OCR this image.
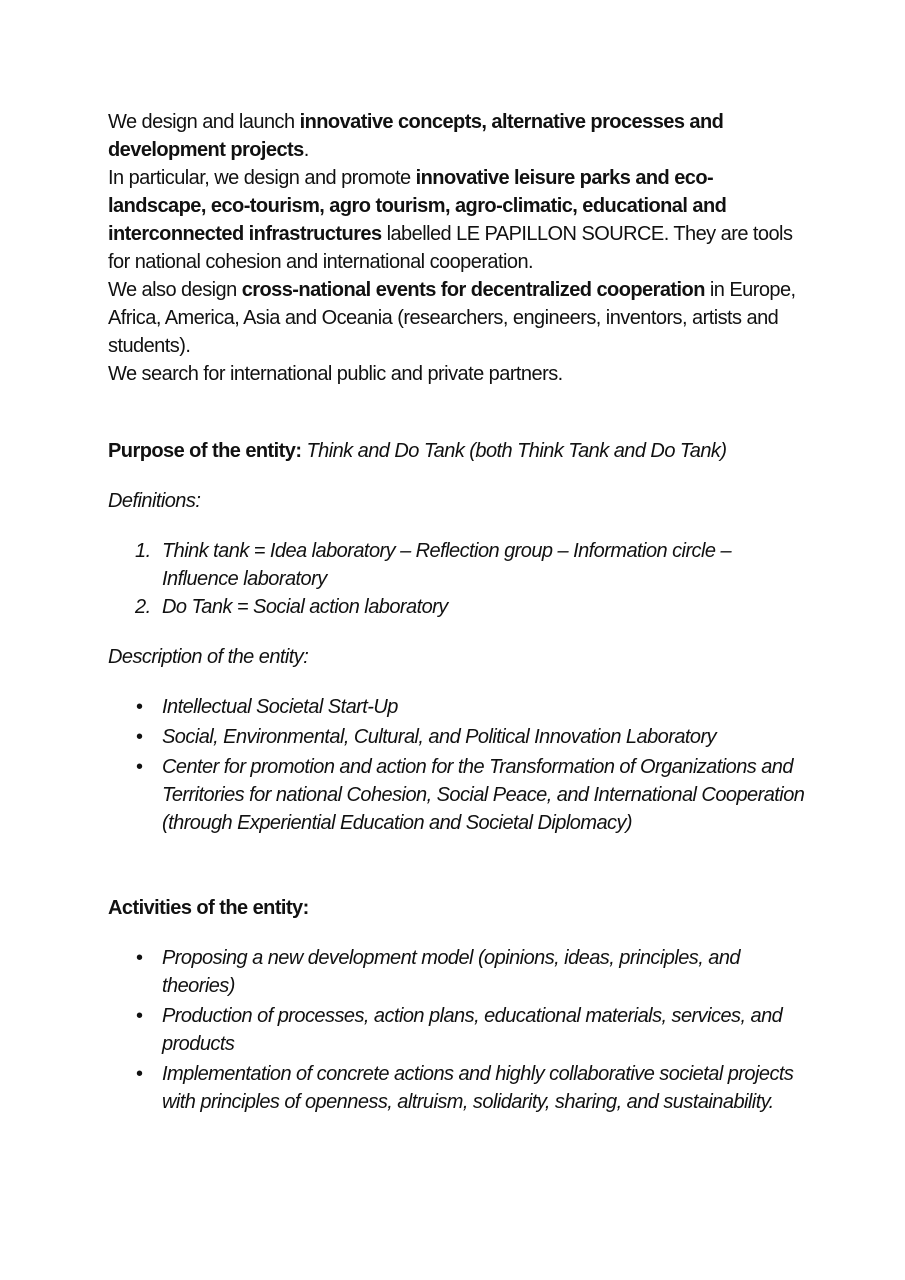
We design and launch innovative concepts, alternative processes and development projects.

In particular, we design and promote innovative leisure parks and eco-landscape, eco-tourism, agro tourism, agro-climatic, educational and interconnected infrastructures labelled LE PAPILLON SOURCE. They are tools for national cohesion and international cooperation.

We also design cross-national events for decentralized cooperation in Europe, Africa, America, Asia and Oceania (researchers, engineers, inventors, artists and students).

We search for international public and private partners.

Purpose of the entity: Think and Do Tank (both Think Tank and Do Tank)

Definitions:

1. Think tank = Idea laboratory – Reflection group – Information circle – Influence laboratory
2. Do Tank = Social action laboratory

Description of the entity:

• Intellectual Societal Start-Up
• Social, Environmental, Cultural, and Political Innovation Laboratory
• Center for promotion and action for the Transformation of Organizations and Territories for national Cohesion, Social Peace, and International Cooperation (through Experiential Education and Societal Diplomacy)

Activities of the entity:

• Proposing a new development model (opinions, ideas, principles, and theories)
• Production of processes, action plans, educational materials, services, and products
• Implementation of concrete actions and highly collaborative societal projects with principles of openness, altruism, solidarity, sharing, and sustainability.
